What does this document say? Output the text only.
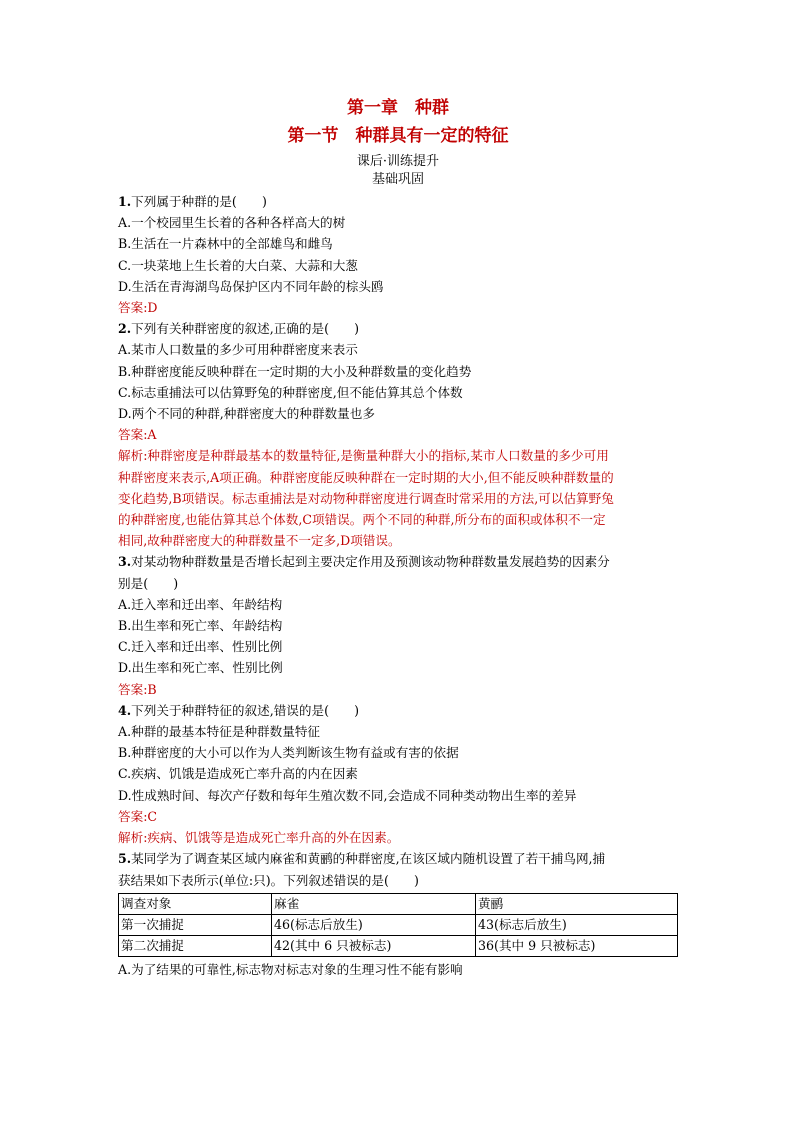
第一章　种群
第一节　种群具有一定的特征
课后·训练提升
基础巩固
1.下列属于种群的是(　　)
A.一个校园里生长着的各种各样高大的树
B.生活在一片森林中的全部雄鸟和雌鸟
C.一块菜地上生长着的大白菜、大蒜和大葱
D.生活在青海湖鸟岛保护区内不同年龄的棕头鸥
答案:D
2.下列有关种群密度的叙述,正确的是(　　)
A.某市人口数量的多少可用种群密度来表示
B.种群密度能反映种群在一定时期的大小及种群数量的变化趋势
C.标志重捕法可以估算野兔的种群密度,但不能估算其总个体数
D.两个不同的种群,种群密度大的种群数量也多
答案:A
解析:种群密度是种群最基本的数量特征,是衡量种群大小的指标,某市人口数量的多少可用
种群密度来表示,A项正确。种群密度能反映种群在一定时期的大小,但不能反映种群数量的
变化趋势,B项错误。标志重捕法是对动物种群密度进行调查时常采用的方法,可以估算野兔
的种群密度,也能估算其总个体数,C项错误。两个不同的种群,所分布的面积或体积不一定
相同,故种群密度大的种群数量不一定多,D项错误。
3.对某动物种群数量是否增长起到主要决定作用及预测该动物种群数量发展趋势的因素分
别是(　　)
A.迁入率和迁出率、年龄结构
B.出生率和死亡率、年龄结构
C.迁入率和迁出率、性别比例
D.出生率和死亡率、性别比例
答案:B
4.下列关于种群特征的叙述,错误的是(　　)
A.种群的最基本特征是种群数量特征
B.种群密度的大小可以作为人类判断该生物有益或有害的依据
C.疾病、饥饿是造成死亡率升高的内在因素
D.性成熟时间、每次产仔数和每年生殖次数不同,会造成不同种类动物出生率的差异
答案:C
解析:疾病、饥饿等是造成死亡率升高的外在因素。
5.某同学为了调查某区域内麻雀和黄鹂的种群密度,在该区域内随机设置了若干捕鸟网,捕
获结果如下表所示(单位:只)。下列叙述错误的是(　　)
调查对象	麻雀	黄鹂
第一次捕捉	46(标志后放生)	43(标志后放生)
第二次捕捉	42(其中 6 只被标志)	36(其中 9 只被标志)
A.为了结果的可靠性,标志物对标志对象的生理习性不能有影响
